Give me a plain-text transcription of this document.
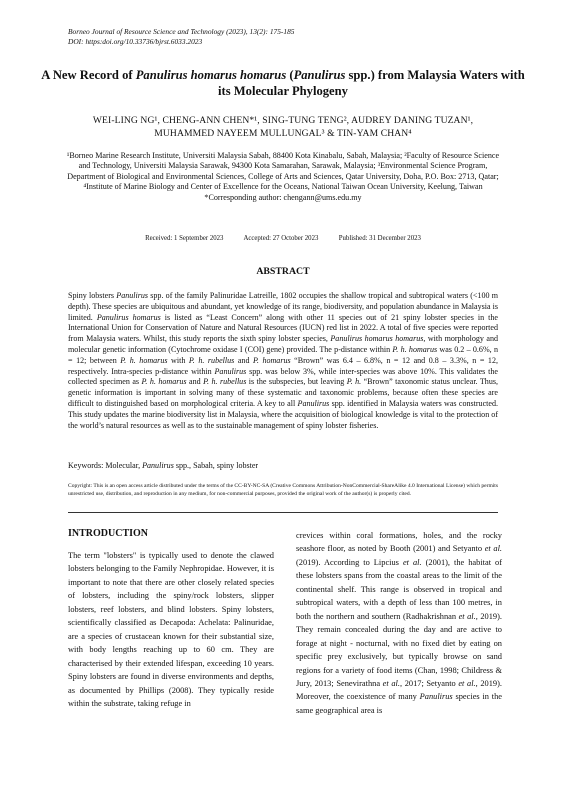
Borneo Journal of Resource Science and Technology (2023), 13(2): 175-185
DOI: https:doi.org/10.33736/bjrst.6033.2023
A New Record of Panulirus homarus homarus (Panulirus spp.) from Malaysia Waters with its Molecular Phylogeny
WEI-LING NG¹, CHENG-ANN CHEN*¹, SING-TUNG TENG², AUDREY DANING TUZAN¹,
MUHAMMED NAYEEM MULLUNGAL³ & TIN-YAM CHAN⁴
¹Borneo Marine Research Institute, Universiti Malaysia Sabah, 88400 Kota Kinabalu, Sabah, Malaysia; ²Faculty of Resource Science and Technology, Universiti Malaysia Sarawak, 94300 Kota Samarahan, Sarawak, Malaysia; ³Environmental Science Program, Department of Biological and Environmental Sciences, College of Arts and Sciences, Qatar University, Doha, P.O. Box: 2713, Qatar; ⁴Institute of Marine Biology and Center of Excellence for the Oceans, National Taiwan Ocean University, Keelung, Taiwan
*Corresponding author: chengann@ums.edu.my
Received: 1 September 2023	Accepted: 27 October 2023	Published: 31 December 2023
ABSTRACT
Spiny lobsters Panulirus spp. of the family Palinuridae Latreille, 1802 occupies the shallow tropical and subtropical waters (<100 m depth). These species are ubiquitous and abundant, yet knowledge of its range, biodiversity, and population abundance in Malaysia is limited. Panulirus homarus is listed as “Least Concern” along with other 11 species out of 21 spiny lobster species in the International Union for Conservation of Nature and Natural Resources (IUCN) red list in 2022. A total of five species were reported from Malaysia waters. Whilst, this study reports the sixth spiny lobster species, Panulirus homarus homarus, with morphology and molecular genetic information (Cytochrome oxidase I (COI) gene) provided. The p-distance within P. h. homarus was 0.2 – 0.6%, n = 12; between P. h. homarus with P. h. rubellus and P. homarus “Brown” was 6.4 – 6.8%, n = 12 and 0.8 – 3.3%, n = 12, respectively. Intra-species p-distance within Panulirus spp. was below 3%, while inter-species was above 10%. This validates the collected specimen as P. h. homarus and P. h. rubellus is the subspecies, but leaving P. h. “Brown” taxonomic status unclear. Thus, genetic information is important in solving many of these systematic and taxonomic problems, because often these species are difficult to distinguished based on morphological criteria. A key to all Panulirus spp. identified in Malaysia waters was constructed. This study updates the marine biodiversity list in Malaysia, where the acquisition of biological knowledge is vital to the protection of the world’s natural resources as well as to the sustainable management of spiny lobster fisheries.
Keywords: Molecular, Panulirus spp., Sabah, spiny lobster
Copyright: This is an open access article distributed under the terms of the CC-BY-NC-SA (Creative Commons Attribution-NonCommercial-ShareAlike 4.0 International License) which permits unrestricted use, distribution, and reproduction in any medium, for non-commercial purposes, provided the original work of the author(s) is properly cited.
INTRODUCTION
The term "lobsters" is typically used to denote the clawed lobsters belonging to the Family Nephropidae. However, it is important to note that there are other closely related species of lobsters, including the spiny/rock lobsters, slipper lobsters, reef lobsters, and blind lobsters. Spiny lobsters, scientifically classified as Decapoda: Achelata: Palinuridae, are a species of crustacean known for their substantial size, with body lengths reaching up to 60 cm. They are characterised by their extended lifespan, exceeding 10 years. Spiny lobsters are found in diverse environments and depths, as documented by Phillips (2008). They typically reside within the substrate, taking refuge in
crevices within coral formations, holes, and the rocky seashore floor, as noted by Booth (2001) and Setyanto et al. (2019). According to Lipcius et al. (2001), the habitat of these lobsters spans from the coastal areas to the limit of the continental shelf. This range is observed in tropical and subtropical waters, with a depth of less than 100 metres, in both the northern and southern (Radhakrishnan et al., 2019). They remain concealed during the day and are active to forage at night - nocturnal, with no fixed diet by eating on specific prey exclusively, but typically browse on sand regions for a variety of food items (Chan, 1998; Childress & Jury, 2013; Senevirathna et al., 2017; Setyanto et al., 2019). Moreover, the coexistence of many Panulirus species in the same geographical area is
